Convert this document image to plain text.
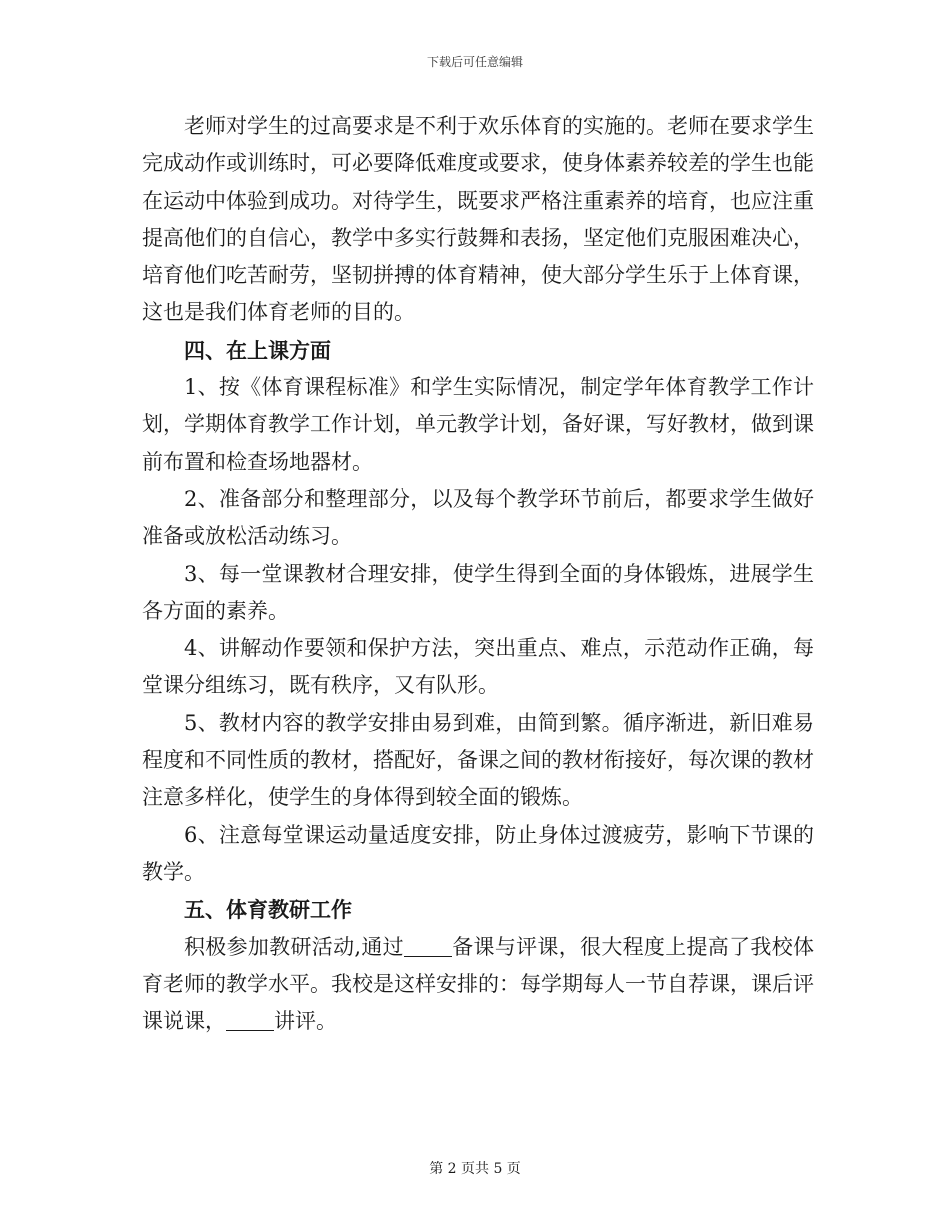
下载后可任意编辑

老师对学生的过高要求是不利于欢乐体育的实施的。老师在要求学生完成动作或训练时，可必要降低难度或要求，使身体素养较差的学生也能在运动中体验到成功。对待学生，既要求严格注重素养的培育，也应注重提高他们的自信心，教学中多实行鼓舞和表扬，坚定他们克服困难决心，培育他们吃苦耐劳，坚韧拼搏的体育精神，使大部分学生乐于上体育课，这也是我们体育老师的目的。

四、在上课方面

1、按《体育课程标准》和学生实际情况，制定学年体育教学工作计划，学期体育教学工作计划，单元教学计划，备好课，写好教材，做到课前布置和检查场地器材。

2、准备部分和整理部分，以及每个教学环节前后，都要求学生做好准备或放松活动练习。

3、每一堂课教材合理安排，使学生得到全面的身体锻炼，进展学生各方面的素养。

4、讲解动作要领和保护方法，突出重点、难点，示范动作正确，每堂课分组练习，既有秩序，又有队形。

5、教材内容的教学安排由易到难，由简到繁。循序渐进，新旧难易程度和不同性质的教材，搭配好，备课之间的教材衔接好，每次课的教材注意多样化，使学生的身体得到较全面的锻炼。

6、注意每堂课运动量适度安排，防止身体过渡疲劳，影响下节课的教学。

五、体育教研工作

积极参加教研活动,通过 备课与评课，很大程度上提高了我校体育老师的教学水平。我校是这样安排的：每学期每人一节自荐课，课后评课说课， 讲评。

第 2 页共 5 页
